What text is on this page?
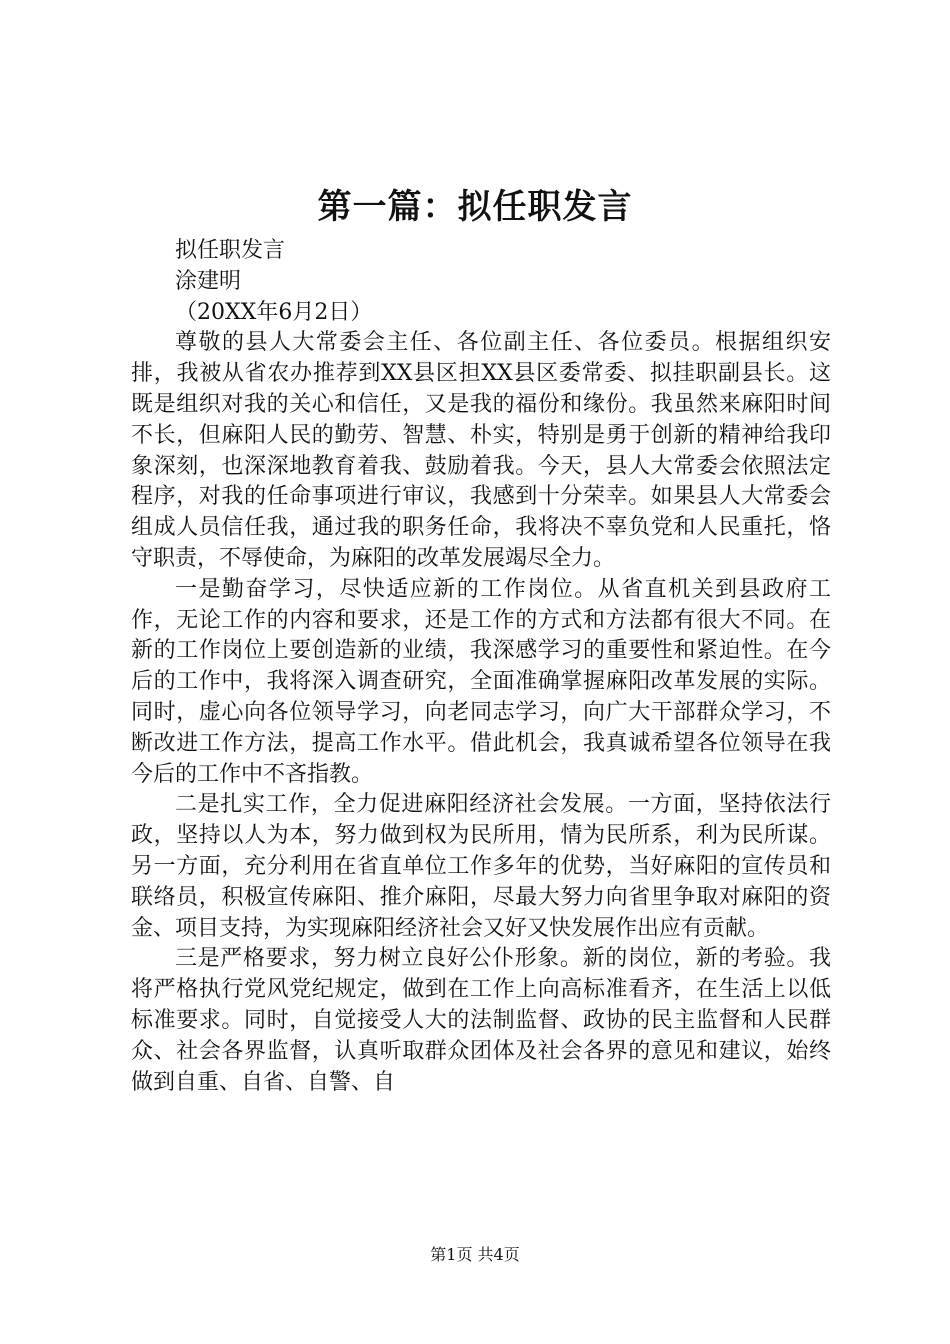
第一篇：拟任职发言

拟任职发言

涂建明

（20XX年6月2日）

尊敬的县人大常委会主任、各位副主任、各位委员。根据组织安排，我被从省农办推荐到XX县区担XX县区委常委、拟挂职副县长。这既是组织对我的关心和信任，又是我的福份和缘份。我虽然来麻阳时间不长，但麻阳人民的勤劳、智慧、朴实，特别是勇于创新的精神给我印象深刻，也深深地教育着我、鼓励着我。今天，县人大常委会依照法定程序，对我的任命事项进行审议，我感到十分荣幸。如果县人大常委会组成人员信任我，通过我的职务任命，我将决不辜负党和人民重托，恪守职责，不辱使命，为麻阳的改革发展竭尽全力。

一是勤奋学习，尽快适应新的工作岗位。从省直机关到县政府工作，无论工作的内容和要求，还是工作的方式和方法都有很大不同。在新的工作岗位上要创造新的业绩，我深感学习的重要性和紧迫性。在今后的工作中，我将深入调查研究，全面准确掌握麻阳改革发展的实际。同时，虚心向各位领导学习，向老同志学习，向广大干部群众学习，不断改进工作方法，提高工作水平。借此机会，我真诚希望各位领导在我今后的工作中不吝指教。

二是扎实工作，全力促进麻阳经济社会发展。一方面，坚持依法行政，坚持以人为本，努力做到权为民所用，情为民所系，利为民所谋。另一方面，充分利用在省直单位工作多年的优势，当好麻阳的宣传员和联络员，积极宣传麻阳、推介麻阳，尽最大努力向省里争取对麻阳的资金、项目支持，为实现麻阳经济社会又好又快发展作出应有贡献。

三是严格要求，努力树立良好公仆形象。新的岗位，新的考验。我将严格执行党风党纪规定，做到在工作上向高标准看齐，在生活上以低标准要求。同时，自觉接受人大的法制监督、政协的民主监督和人民群众、社会各界监督，认真听取群众团体及社会各界的意见和建议，始终做到自重、自省、自警、自

第1页 共4页
